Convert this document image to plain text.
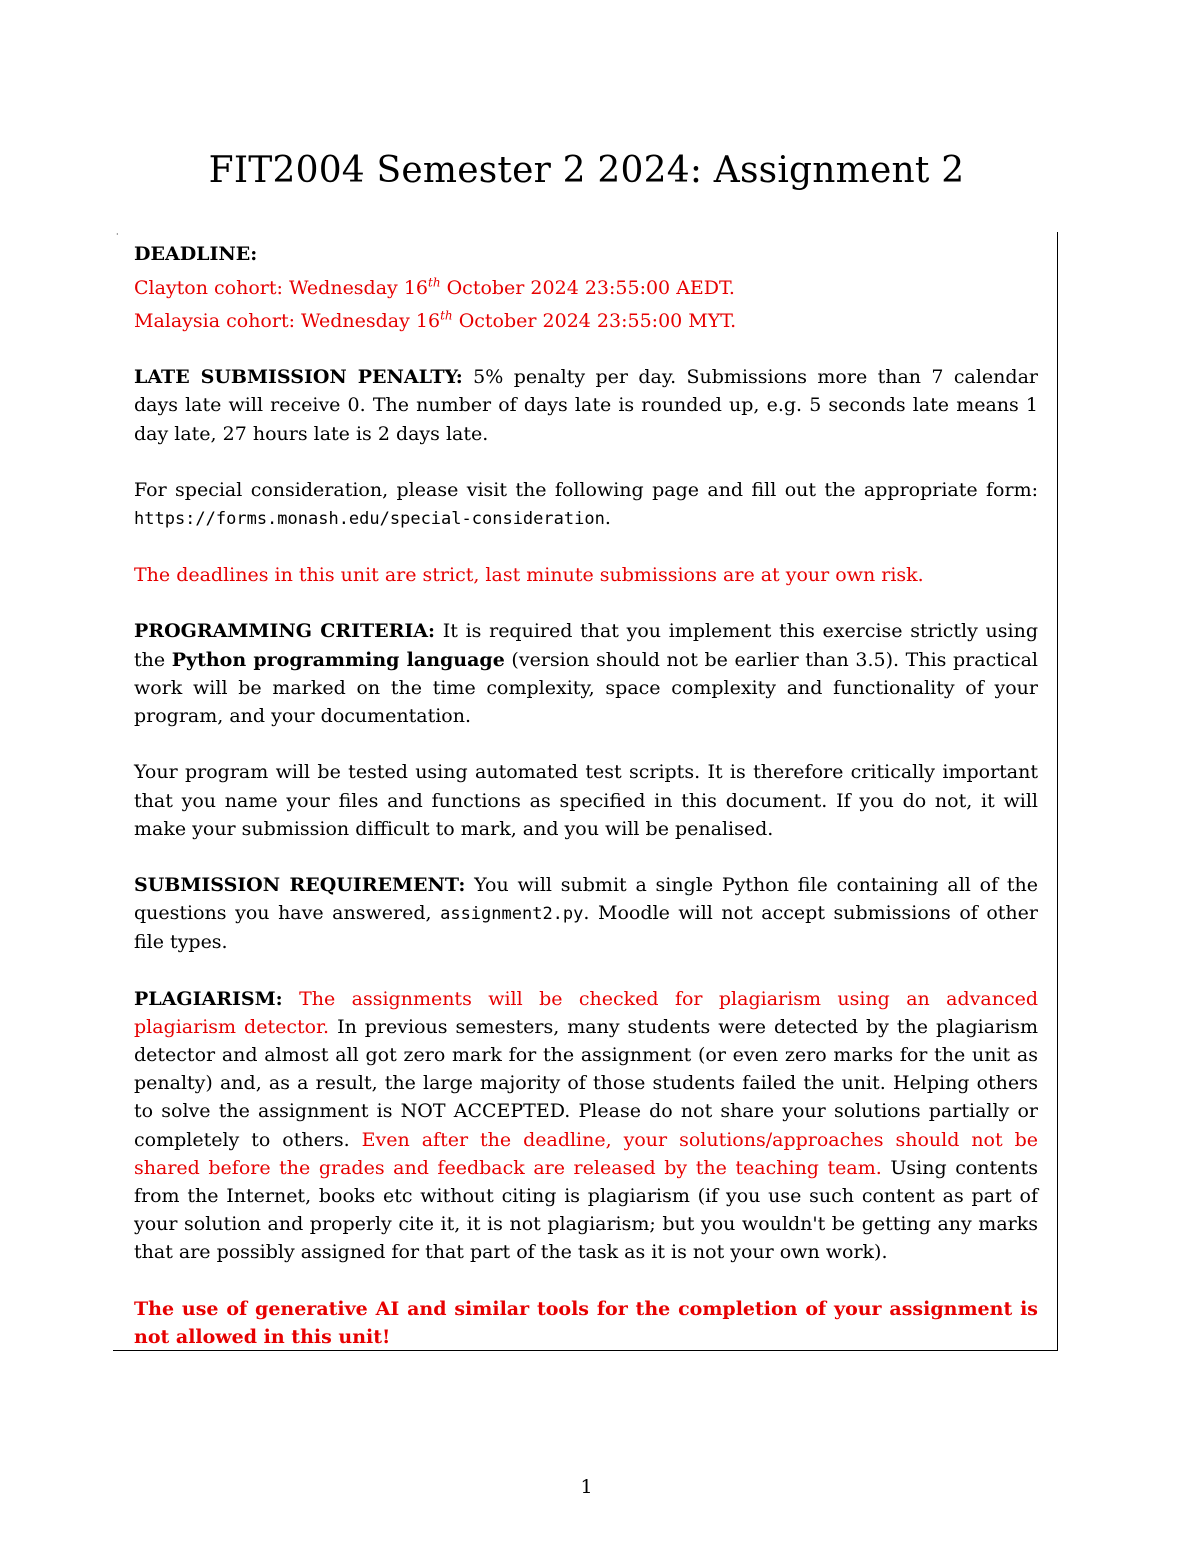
FIT2004 Semester 2 2024: Assignment 2
·

DEADLINE:
Clayton cohort: Wednesday 16th October 2024 23:55:00 AEDT.
Malaysia cohort: Wednesday 16th October 2024 23:55:00 MYT.

LATE SUBMISSION PENALTY: 5% penalty per day. Submissions more than 7 calendar days late will receive 0. The number of days late is rounded up, e.g. 5 seconds late means 1 day late, 27 hours late is 2 days late.

For special consideration, please visit the following page and fill out the appropriate form: https://forms.monash.edu/special-consideration.

The deadlines in this unit are strict, last minute submissions are at your own risk.

PROGRAMMING CRITERIA: It is required that you implement this exercise strictly using the Python programming language (version should not be earlier than 3.5). This practical work will be marked on the time complexity, space complexity and functionality of your program, and your documentation.

Your program will be tested using automated test scripts. It is therefore critically important that you name your files and functions as specified in this document. If you do not, it will make your submission difficult to mark, and you will be penalised.

SUBMISSION REQUIREMENT: You will submit a single Python file containing all of the questions you have answered, assignment2.py. Moodle will not accept submissions of other file types.

PLAGIARISM: The assignments will be checked for plagiarism using an advanced plagiarism detector. In previous semesters, many students were detected by the plagiarism detector and almost all got zero mark for the assignment (or even zero marks for the unit as penalty) and, as a result, the large majority of those students failed the unit. Helping others to solve the assignment is NOT ACCEPTED. Please do not share your solutions partially or completely to others. Even after the deadline, your solutions/approaches should not be shared before the grades and feedback are released by the teaching team. Using contents from the Internet, books etc without citing is plagiarism (if you use such content as part of your solution and properly cite it, it is not plagiarism; but you wouldn't be getting any marks that are possibly assigned for that part of the task as it is not your own work).

The use of generative AI and similar tools for the completion of your assignment is not allowed in this unit!

1
